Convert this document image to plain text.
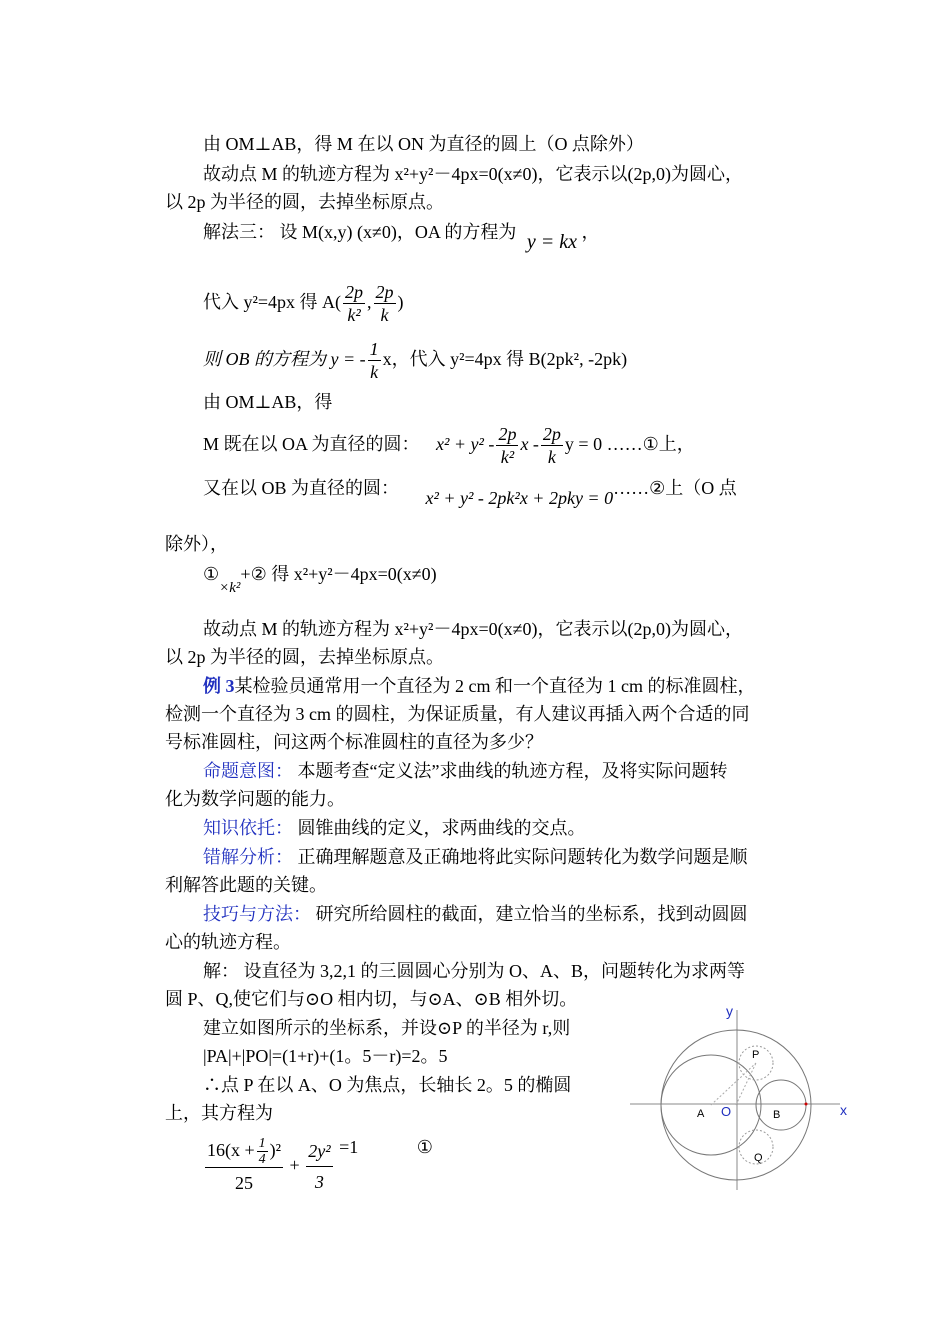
由 OM⊥AB，得 M 在以 ON 为直径的圆上（O 点除外）
故动点 M 的轨迹方程为 x²+y²－4px=0(x≠0)，它表示以(2p,0)为圆心，
以 2p 为半径的圆，去掉坐标原点。
解法三： 设 M(x,y) (x≠0)，OA 的方程为 y = kx ，
代入 y²=4px 得 $A( \frac{2p}{\text{k²}}$ , $\frac{2p}{k}$ )
则 OB 的方程为 y = - $\frac{1}{k}$ x，代入 y²=4px 得 B(2pk², -2pk)
由 OM⊥AB，得
M 既在以 OA 为直径的圆： $x^2 + y^2 - \frac{2p}{\text{k²}}$ x - $\frac{2p}{k}$ y = 0 ……①上，
又在以 OB 为直径的圆： x² + y² - 2pk²x + 2pky = 0……②上（O 点
除外），
$①_{\times k^2}+②$ 得 x²+y²－4px=0(x≠0)
故动点 M 的轨迹方程为 x²+y²－4px=0(x≠0)，它表示以(2p,0)为圆心，
以 2p 为半径的圆，去掉坐标原点。
例 3某检验员通常用一个直径为 2 cm 和一个直径为 1 cm 的标准圆柱，
检测一个直径为 3 cm 的圆柱，为保证质量，有人建议再插入两个合适的同
号标准圆柱，问这两个标准圆柱的直径为多少？
命题意图： 本题考查“定义法”求曲线的轨迹方程，及将实际问题转
化为数学问题的能力。
知识依托： 圆锥曲线的定义，求两曲线的交点。
错解分析： 正确理解题意及正确地将此实际问题转化为数学问题是顺
利解答此题的关键。
技巧与方法： 研究所给圆柱的截面，建立恰当的坐标系，找到动圆圆
心的轨迹方程。
解： 设直径为 3,2,1 的三圆圆心分别为 O、A、B，问题转化为求两等
圆 P、Q,使它们与⊙O 相内切，与⊙A、⊙B 相外切。
建立如图所示的坐标系，并设⊙P 的半径为 r,则
|PA|+|PO|=(1+r)+(1。5－r)=2。5
∴点 P 在以 A、O 为焦点，长轴长 2。5 的椭圆
上，其方程为
$\frac{16(x + \frac{1}{4} )^2}{25} + \frac{\text{2y²}}{3} =1$	①
y
x
P
Q
A O	B
